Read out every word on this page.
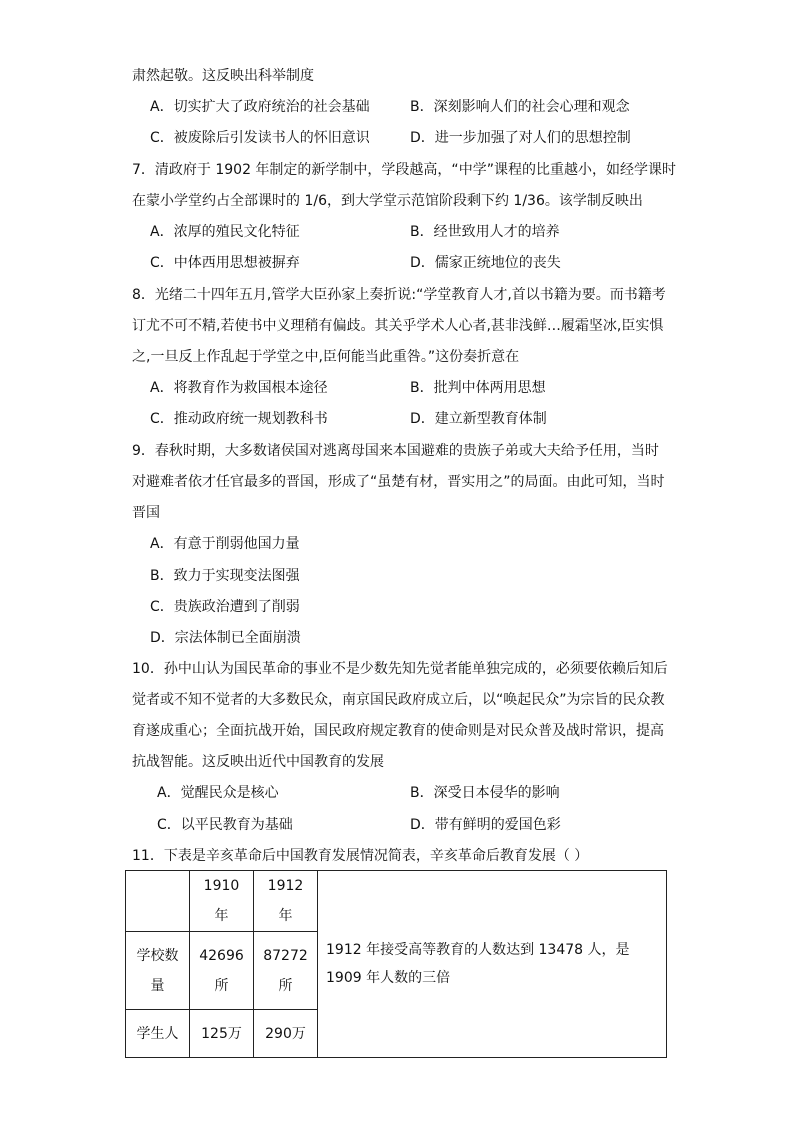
肃然起敬。这反映出科举制度
A．切实扩大了政府统治的社会基础	B．深刻影响人们的社会心理和观念
C．被废除后引发读书人的怀旧意识	D．进一步加强了对人们的思想控制
7．清政府于 1902 年制定的新学制中，学段越高，“中学”课程的比重越小，如经学课时
在蒙小学堂约占全部课时的 1/6，到大学堂示范馆阶段剩下约 1/36。该学制反映出
A．浓厚的殖民文化特征	B．经世致用人才的培养
C．中体西用思想被摒弃	D．儒家正统地位的丧失
8．光绪二十四年五月,管学大臣孙家上奏折说:“学堂教育人才,首以书籍为要。而书籍考
订尤不可不精,若使书中义理稍有偏歧。其关乎学术人心者,甚非浅鲜…履霜坚冰,臣实惧
之,一旦反上作乱起于学堂之中,臣何能当此重咎。”这份奏折意在
A．将教育作为救国根本途径	B．批判中体两用思想
C．推动政府统一规划教科书	D．建立新型教育体制
9．春秋时期，大多数诸侯国对逃离母国来本国避难的贵族子弟或大夫给予任用，当时
对避难者依才任官最多的晋国，形成了“虽楚有材，晋实用之”的局面。由此可知，当时
晋国
A．有意于削弱他国力量
B．致力于实现变法图强
C．贵族政治遭到了削弱
D．宗法体制已全面崩溃
10．孙中山认为国民革命的事业不是少数先知先觉者能单独完成的，必须要依赖后知后
觉者或不知不觉者的大多数民众，南京国民政府成立后，以“唤起民众”为宗旨的民众教
育遂成重心；全面抗战开始，国民政府规定教育的使命则是对民众普及战时常识，提高
抗战智能。这反映出近代中国教育的发展
A．觉醒民众是核心	B．深受日本侵华的影响
C．以平民教育为基础	D．带有鲜明的爱国色彩
11．下表是辛亥革命后中国教育发展情况简表，辛亥革命后教育发展（ ）
	1910 年	1912 年	1912 年接受高等教育的人数达到 13478 人，是 1909 年人数的三倍
学校数量	42696所	87272所	
学生人	125万	290万	
